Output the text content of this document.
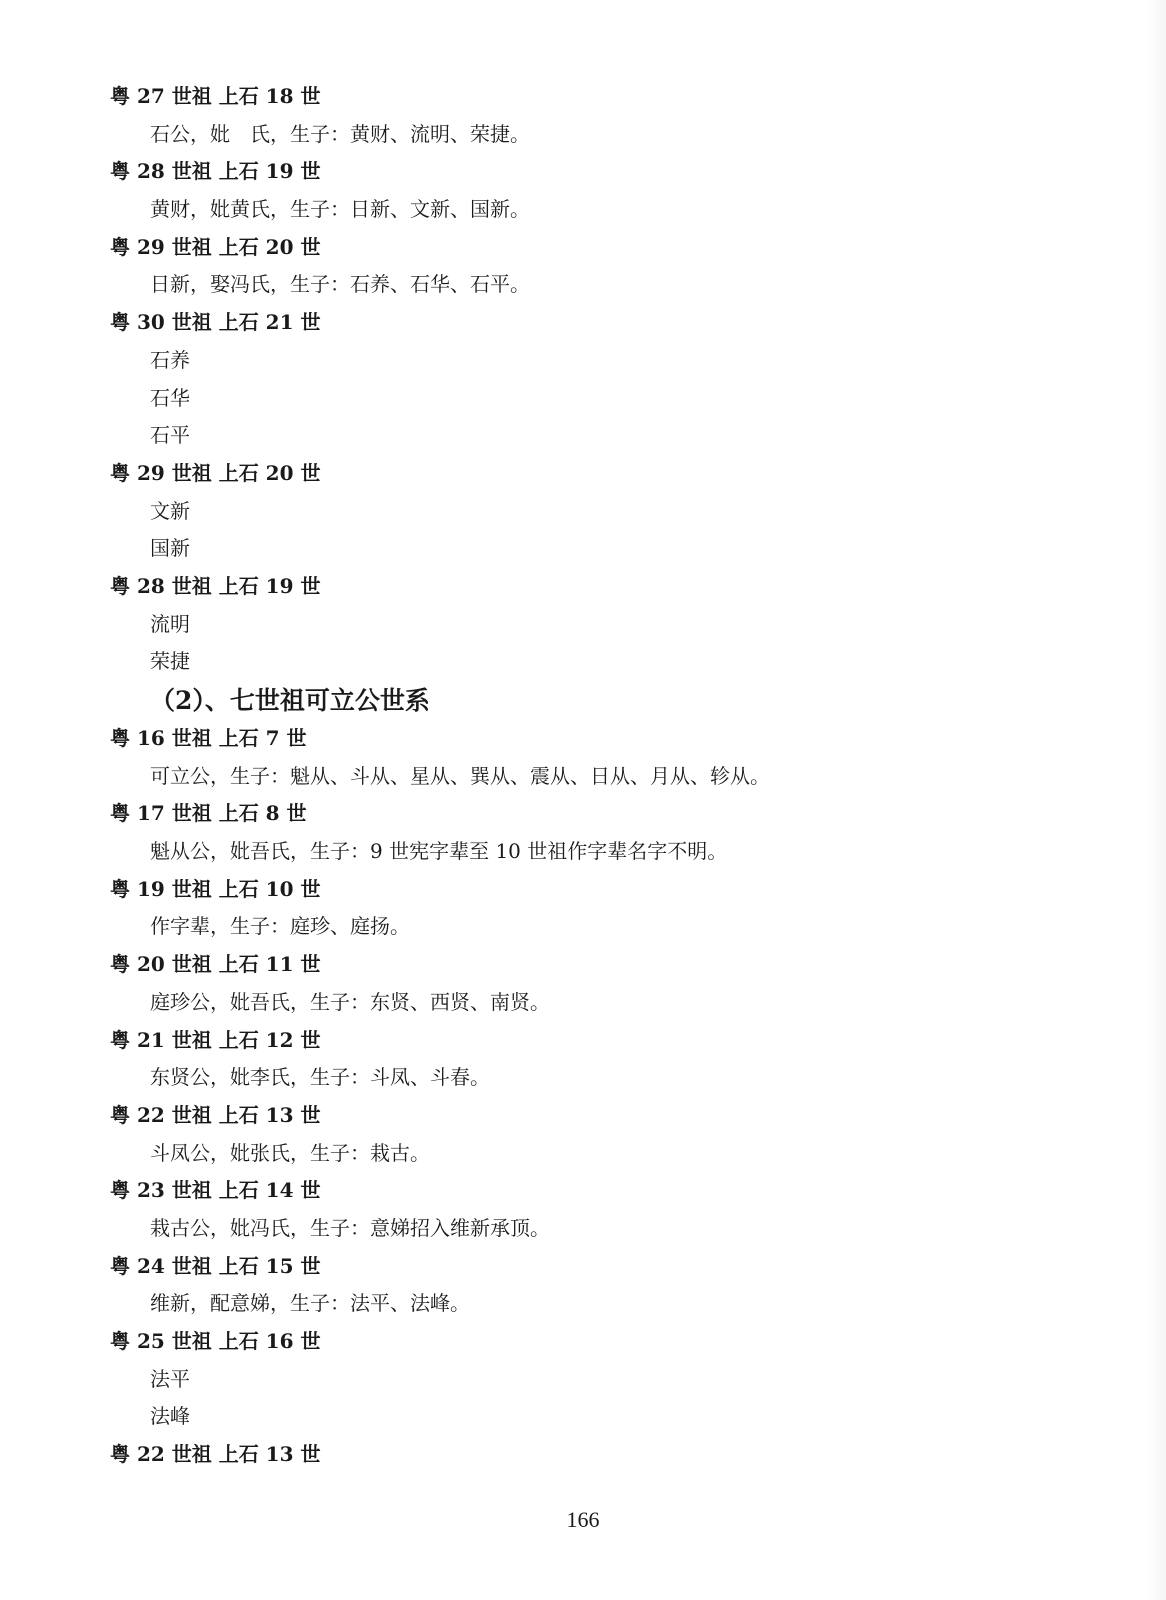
粤 27 世祖 上石 18 世
石公，妣　氏，生子：黄财、流明、荣捷。
粤 28 世祖 上石 19 世
黄财，妣黄氏，生子：日新、文新、国新。
粤 29 世祖 上石 20 世
日新，娶冯氏，生子：石养、石华、石平。
粤 30 世祖 上石 21 世
石养
石华
石平
粤 29 世祖 上石 20 世
文新
国新
粤 28 世祖 上石 19 世
流明
荣捷
（2）、七世祖可立公世系
粤 16 世祖 上石 7 世
可立公，生子：魁从、斗从、星从、巽从、震从、日从、月从、轸从。
粤 17 世祖 上石 8 世
魁从公，妣吾氏，生子：9 世宪字辈至 10 世祖作字辈名字不明。
粤 19 世祖 上石 10 世
作字辈，生子：庭珍、庭扬。
粤 20 世祖 上石 11 世
庭珍公，妣吾氏，生子：东贤、西贤、南贤。
粤 21 世祖 上石 12 世
东贤公，妣李氏，生子：斗凤、斗春。
粤 22 世祖 上石 13 世
斗凤公，妣张氏，生子：栽古。
粤 23 世祖 上石 14 世
栽古公，妣冯氏，生子：意娣招入维新承顶。
粤 24 世祖 上石 15 世
维新，配意娣，生子：法平、法峰。
粤 25 世祖 上石 16 世
法平
法峰
粤 22 世祖 上石 13 世
166
